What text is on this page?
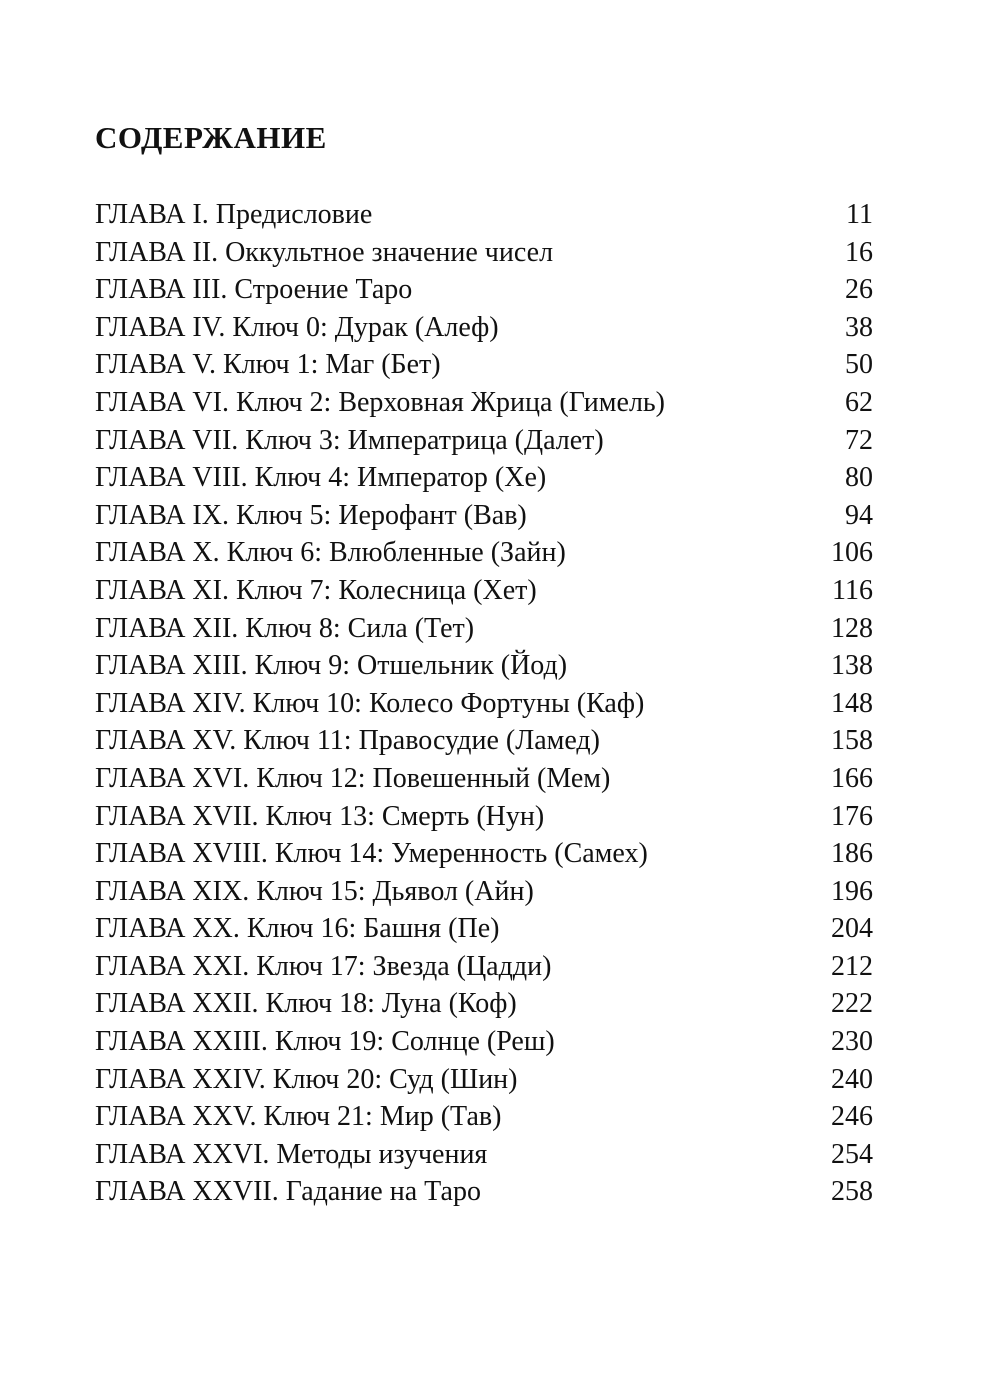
СОДЕРЖАНИЕ
ГЛАВА I. Предисловие	11
ГЛАВА II. Оккультное значение чисел	16
ГЛАВА III. Строение Таро	26
ГЛАВА IV. Ключ 0: Дурак (Алеф)	38
ГЛАВА V. Ключ 1: Маг (Бет)	50
ГЛАВА VI. Ключ 2: Верховная Жрица (Гимель)	62
ГЛАВА VII. Ключ 3: Императрица (Далет)	72
ГЛАВА VIII. Ключ 4: Император (Хе)	80
ГЛАВА IX. Ключ 5: Иерофант (Вав)	94
ГЛАВА X. Ключ 6: Влюбленные (Зайн)	106
ГЛАВА XI. Ключ 7: Колесница (Хет)	116
ГЛАВА XII. Ключ 8: Сила (Тет)	128
ГЛАВА XIII. Ключ 9: Отшельник (Йод)	138
ГЛАВА XIV. Ключ 10: Колесо Фортуны (Каф)	148
ГЛАВА XV. Ключ 11: Правосудие (Ламед)	158
ГЛАВА XVI. Ключ 12: Повешенный (Мем)	166
ГЛАВА XVII. Ключ 13: Смерть (Нун)	176
ГЛАВА XVIII. Ключ 14: Умеренность (Самех)	186
ГЛАВА XIX. Ключ 15: Дьявол (Айн)	196
ГЛАВА XX. Ключ 16: Башня (Пе)	204
ГЛАВА XXI. Ключ 17: Звезда (Цадди)	212
ГЛАВА XXII. Ключ 18: Луна (Коф)	222
ГЛАВА XXIII. Ключ 19: Солнце (Реш)	230
ГЛАВА XXIV. Ключ 20: Суд (Шин)	240
ГЛАВА XXV. Ключ 21: Мир (Тав)	246
ГЛАВА XXVI. Методы изучения	254
ГЛАВА XXVII. Гадание на Таро	258
